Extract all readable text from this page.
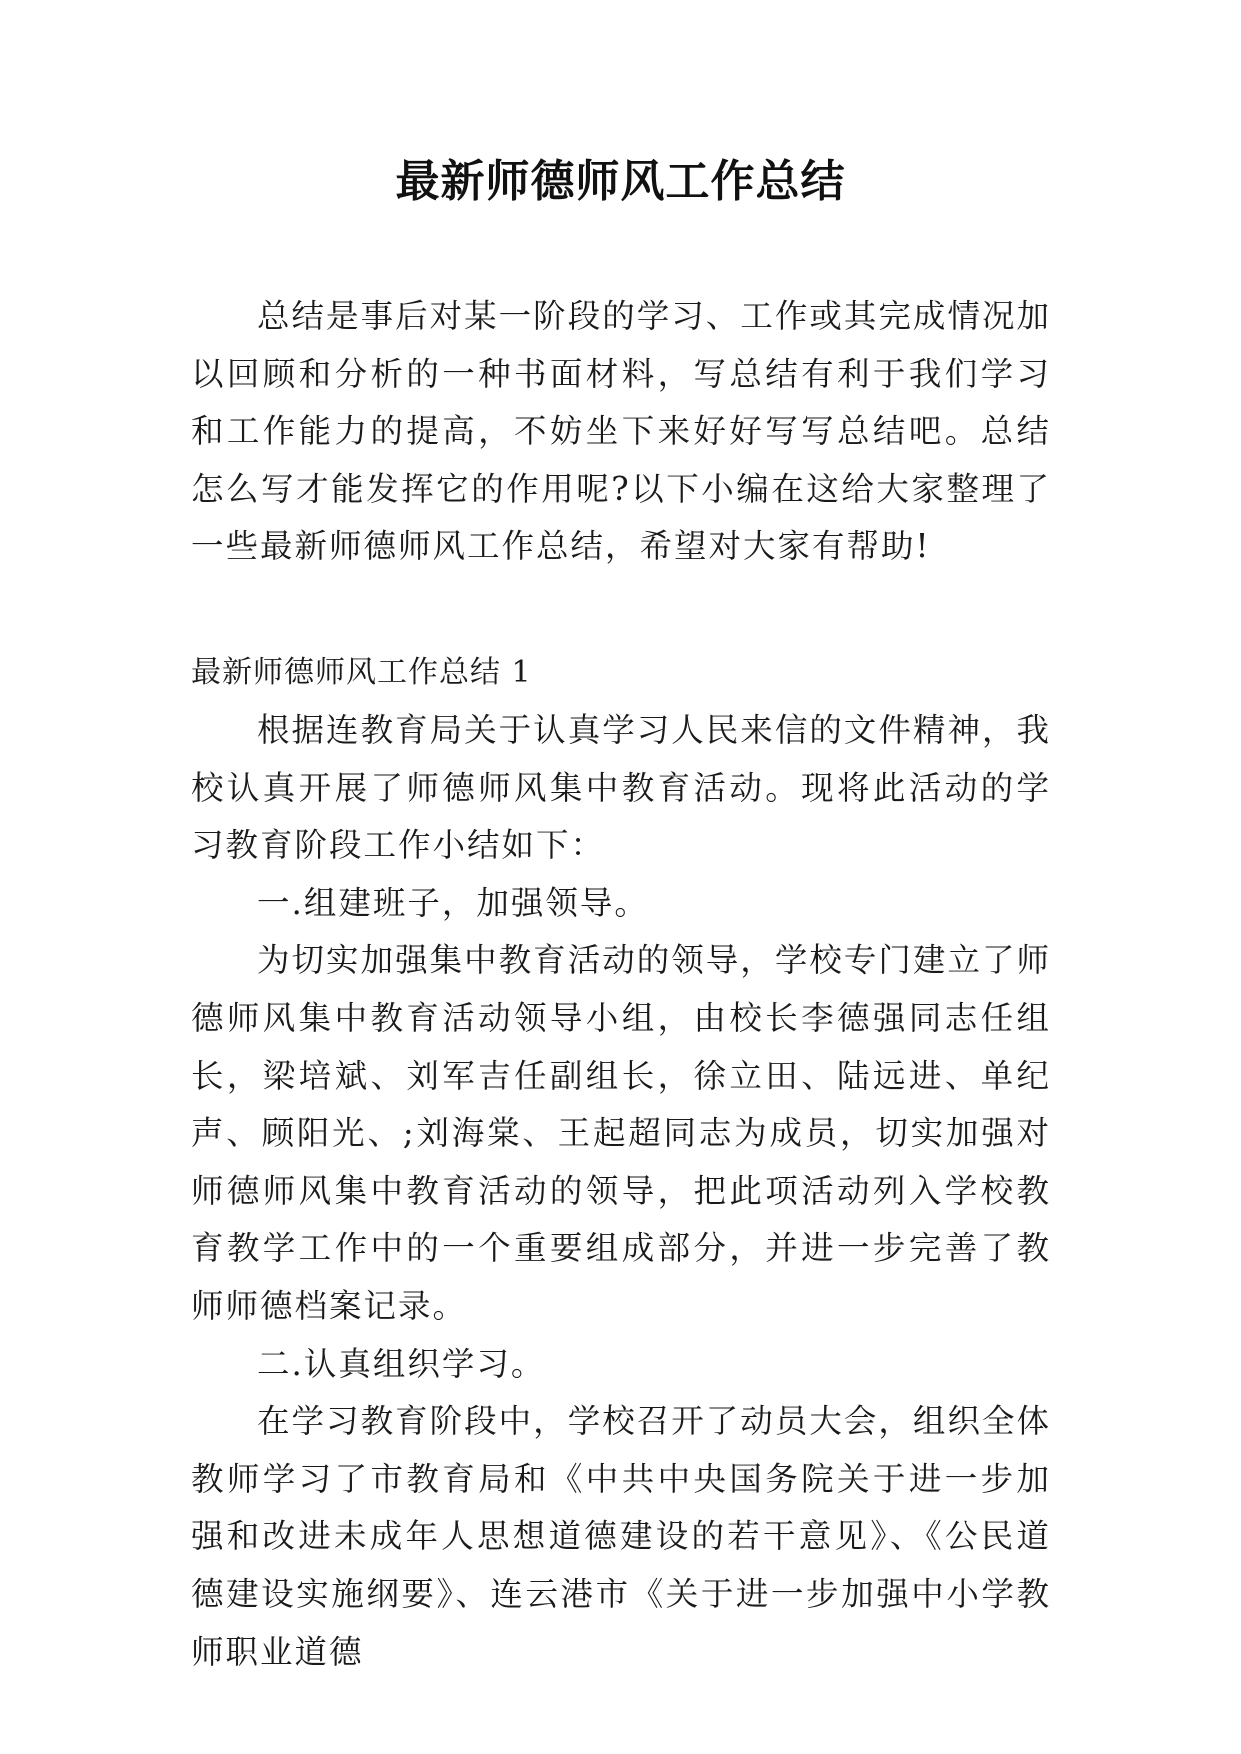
最新师德师风工作总结

总结是事后对某一阶段的学习、工作或其完成情况加以回顾和分析的一种书面材料，写总结有利于我们学习和工作能力的提高，不妨坐下来好好写写总结吧。总结怎么写才能发挥它的作用呢?以下小编在这给大家整理了一些最新师德师风工作总结，希望对大家有帮助!

最新师德师风工作总结 1

根据连教育局关于认真学习人民来信的文件精神，我校认真开展了师德师风集中教育活动。现将此活动的学习教育阶段工作小结如下：

一.组建班子，加强领导。

为切实加强集中教育活动的领导，学校专门建立了师德师风集中教育活动领导小组，由校长李德强同志任组长，梁培斌、刘军吉任副组长，徐立田、陆远进、单纪声、顾阳光、;刘海棠、王起超同志为成员，切实加强对师德师风集中教育活动的领导，把此项活动列入学校教育教学工作中的一个重要组成部分，并进一步完善了教师师德档案记录。

二.认真组织学习。

在学习教育阶段中，学校召开了动员大会，组织全体教师学习了市教育局和《中共中央国务院关于进一步加强和改进未成年人思想道德建设的若干意见》、《公民道德建设实施纲要》、连云港市《关于进一步加强中小学教师职业道德
